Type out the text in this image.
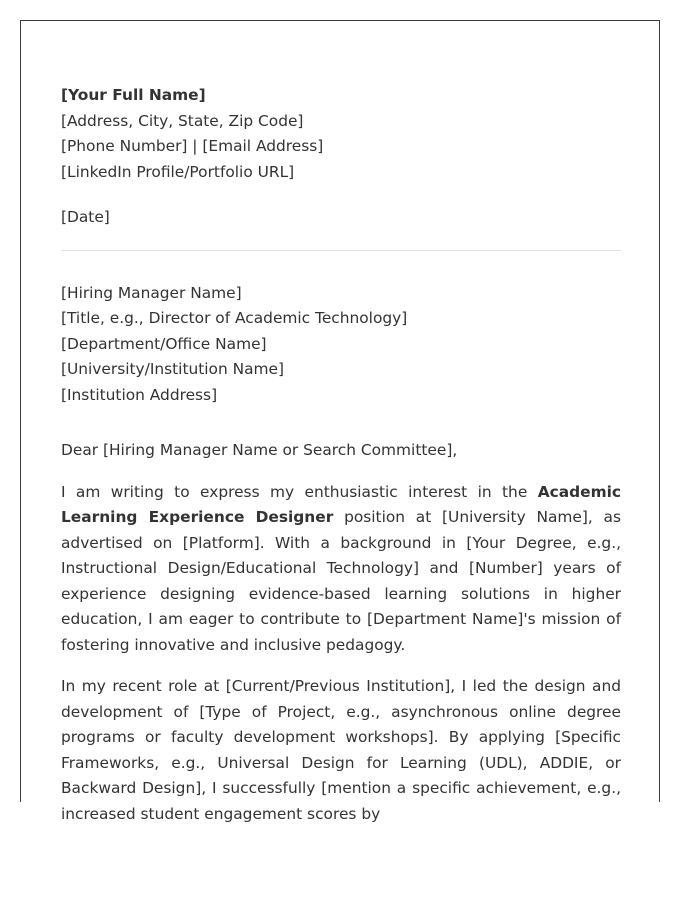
[Your Full Name]
[Address, City, State, Zip Code]
[Phone Number] | [Email Address]
[LinkedIn Profile/Portfolio URL]
[Date]
[Hiring Manager Name]
[Title, e.g., Director of Academic Technology]
[Department/Office Name]
[University/Institution Name]
[Institution Address]
Dear [Hiring Manager Name or Search Committee],

I am writing to express my enthusiastic interest in the Academic Learning Experience Designer position at [University Name], as advertised on [Platform]. With a background in [Your Degree, e.g., Instructional Design/Educational Technology] and [Number] years of experience designing evidence-based learning solutions in higher education, I am eager to contribute to [Department Name]'s mission of fostering innovative and inclusive pedagogy.

In my recent role at [Current/Previous Institution], I led the design and development of [Type of Project, e.g., asynchronous online degree programs or faculty development workshops]. By applying [Specific Frameworks, e.g., Universal Design for Learning (UDL), ADDIE, or Backward Design], I successfully [mention a specific achievement, e.g., increased student engagement scores by
